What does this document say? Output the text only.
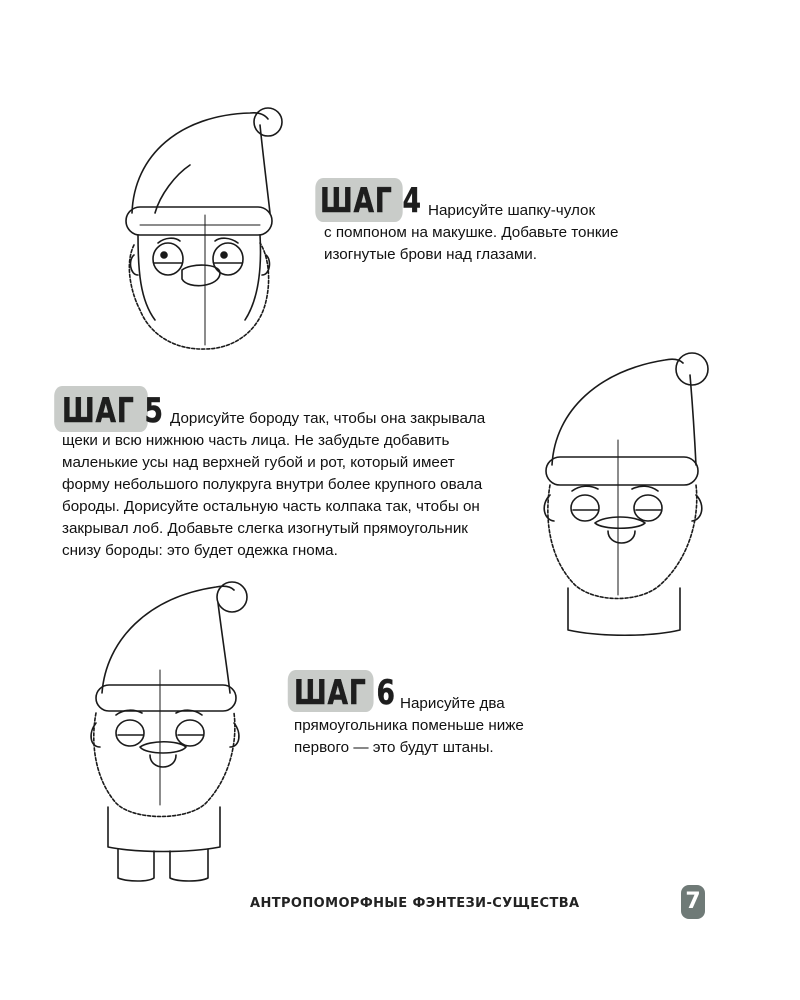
ШАГ 4 Нарисуйте шапку-чулок
с помпоном на макушке. Добавьте тонкие
изогнутые брови над глазами.
ШАГ 5 Дорисуйте бороду так, чтобы она закрывала
щеки и всю нижнюю часть лица. Не забудьте добавить
маленькие усы над верхней губой и рот, который имеет
форму небольшого полукруга внутри более крупного овала
бороды. Дорисуйте остальную часть колпака так, чтобы он
закрывал лоб. Добавьте слегка изогнутый прямоугольник
снизу бороды: это будет одежка гнома.
ШАГ 6 Нарисуйте два
прямоугольника поменьше ниже
первого — это будут штаны.
АНТРОПОМОРФНЫЕ ФЭНТЕЗИ-СУЩЕСТВА	7
